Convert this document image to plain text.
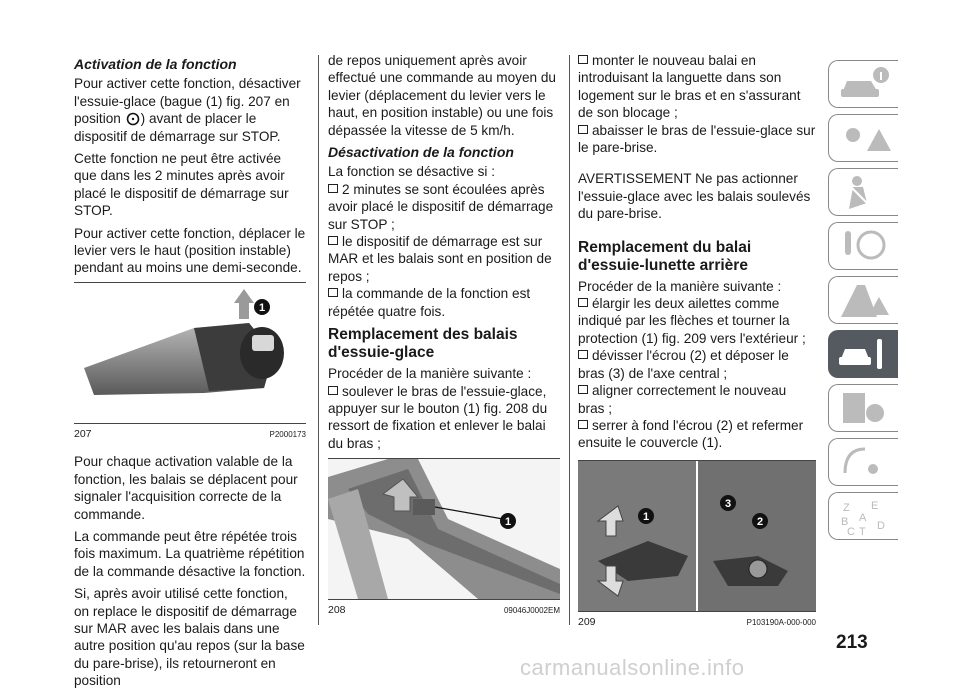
Activation de la fonction

Pour activer cette fonction, désactiver l'essuie-glace (bague (1) fig. 207 en position ) avant de placer le dispositif de démarrage sur STOP.

Cette fonction ne peut être activée que dans les 2 minutes après avoir placé le dispositif de démarrage sur STOP.

Pour activer cette fonction, déplacer le levier vers le haut (position instable) pendant au moins une demi-seconde.

1
207	P2000173

Pour chaque activation valable de la fonction, les balais se déplacent pour signaler l'acquisition correcte de la commande.

La commande peut être répétée trois fois maximum. La quatrième répétition de la commande désactive la fonction.

Si, après avoir utilisé cette fonction, on replace le dispositif de démarrage sur MAR avec les balais dans une autre position qu'au repos (sur la base du pare-brise), ils retourneront en position

de repos uniquement après avoir effectué une commande au moyen du levier (déplacement du levier vers le haut, en position instable) ou une fois dépassée la vitesse de 5 km/h.

Désactivation de la fonction

La fonction se désactive si :

2 minutes se sont écoulées après avoir placé le dispositif de démarrage sur STOP ;
le dispositif de démarrage est sur MAR et les balais sont en position de repos ;
la commande de la fonction est répétée quatre fois.
Remplacement des balais d'essuie-glace

Procéder de la manière suivante :

soulever le bras de l'essuie-glace, appuyer sur le bouton (1) fig. 208 du ressort de fixation et enlever le balai du bras ;
1
208	09046J0002EM
monter le nouveau balai en introduisant la languette dans son logement sur le bras et en s'assurant de son blocage ;
abaisser le bras de l'essuie-glace sur le pare-brise.

AVERTISSEMENT Ne pas actionner l'essuie-glace avec les balais soulevés du pare-brise.

Remplacement du balai d'essuie-lunette arrière

Procéder de la manière suivante :

élargir les deux ailettes comme indiqué par les flèches et tourner la protection (1) fig. 209 vers l'extérieur ;
dévisser l'écrou (2) et déposer le bras (3) de l'axe central ;
aligner correctement le nouveau bras ;
serrer à fond l'écrou (2) et refermer ensuite le couvercle (1).
1
3
2
209	P103190A-000-000
Z E
B A
C T D
213
carmanualsonline.info
